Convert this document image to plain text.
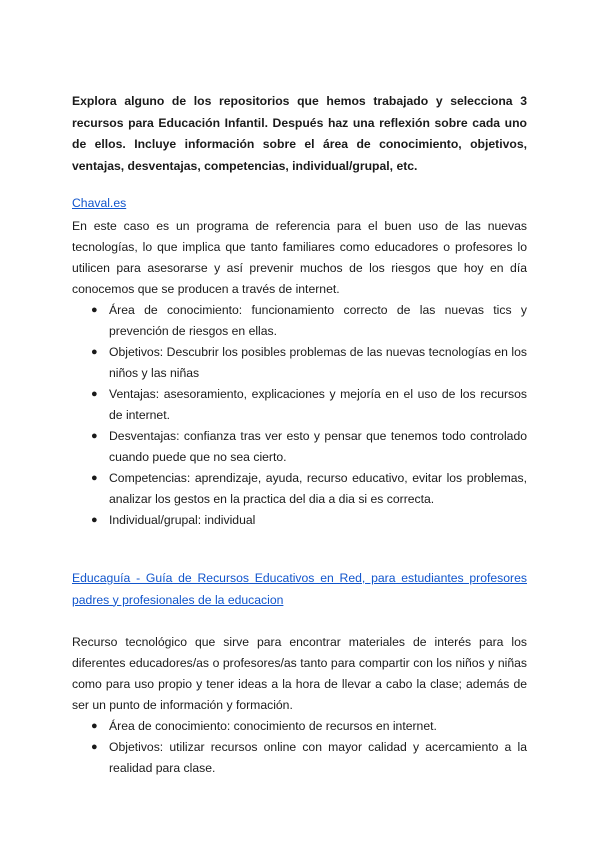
Explora alguno de los repositorios que hemos trabajado y selecciona 3 recursos para Educación Infantil. Después haz una reflexión sobre cada uno de ellos. Incluye información sobre el área de conocimiento, objetivos, ventajas, desventajas, competencias, individual/grupal, etc.

Chaval.es

En este caso es un programa de referencia para el buen uso de las nuevas tecnologías, lo que implica que tanto familiares como educadores o profesores lo utilicen para asesorarse y así prevenir muchos de los riesgos que hoy en día conocemos que se producen a través de internet.

● Área de conocimiento: funcionamiento correcto de las nuevas tics y prevención de riesgos en ellas.
● Objetivos: Descubrir los posibles problemas de las nuevas tecnologías en los niños y las niñas
● Ventajas: asesoramiento, explicaciones y mejoría en el uso de los recursos de internet.
● Desventajas: confianza tras ver esto y pensar que tenemos todo controlado cuando puede que no sea cierto.
● Competencias: aprendizaje, ayuda, recurso educativo, evitar los problemas, analizar los gestos en la practica del dia a dia si es correcta.
● Individual/grupal: individual
Educaguía - Guía de Recursos Educativos en Red, para estudiantes profesores padres y profesionales de la educacion

Recurso tecnológico que sirve para encontrar materiales de interés para los diferentes educadores/as o profesores/as tanto para compartir con los niños y niñas como para uso propio y tener ideas a la hora de llevar a cabo la clase; además de ser un punto de información y formación.

● Área de conocimiento: conocimiento de recursos en internet.
● Objetivos: utilizar recursos online con mayor calidad y acercamiento a la realidad para clase.
